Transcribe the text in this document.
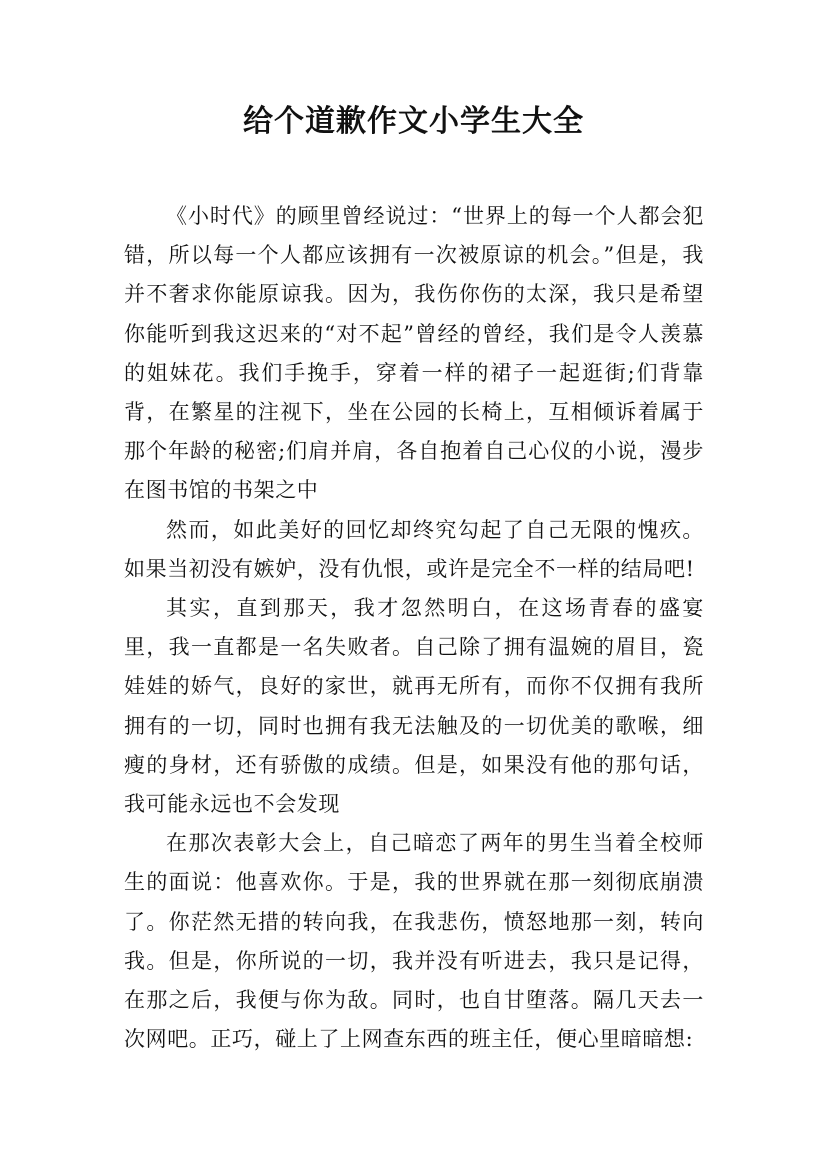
给个道歉作文小学生大全

《小时代》的顾里曾经说过：“世界上的每一个人都会犯错，所以每一个人都应该拥有一次被原谅的机会。”但是，我并不奢求你能原谅我。因为，我伤你伤的太深，我只是希望你能听到我这迟来的“对不起”曾经的曾经，我们是令人羡慕的姐妹花。我们手挽手，穿着一样的裙子一起逛街;们背靠背，在繁星的注视下，坐在公园的长椅上，互相倾诉着属于那个年龄的秘密;们肩并肩，各自抱着自己心仪的小说，漫步在图书馆的书架之中

然而，如此美好的回忆却终究勾起了自己无限的愧疚。如果当初没有嫉妒，没有仇恨，或许是完全不一样的结局吧!

其实，直到那天，我才忽然明白，在这场青春的盛宴里，我一直都是一名失败者。自己除了拥有温婉的眉目，瓷娃娃的娇气，良好的家世，就再无所有，而你不仅拥有我所拥有的一切，同时也拥有我无法触及的一切优美的歌喉，细瘦的身材，还有骄傲的成绩。但是，如果没有他的那句话，我可能永远也不会发现

在那次表彰大会上，自己暗恋了两年的男生当着全校师生的面说：他喜欢你。于是，我的世界就在那一刻彻底崩溃了。你茫然无措的转向我，在我悲伤，愤怒地那一刻，转向我。但是，你所说的一切，我并没有听进去，我只是记得，在那之后，我便与你为敌。同时，也自甘堕落。隔几天去一次网吧。正巧，碰上了上网查东西的班主任，便心里暗暗想:
